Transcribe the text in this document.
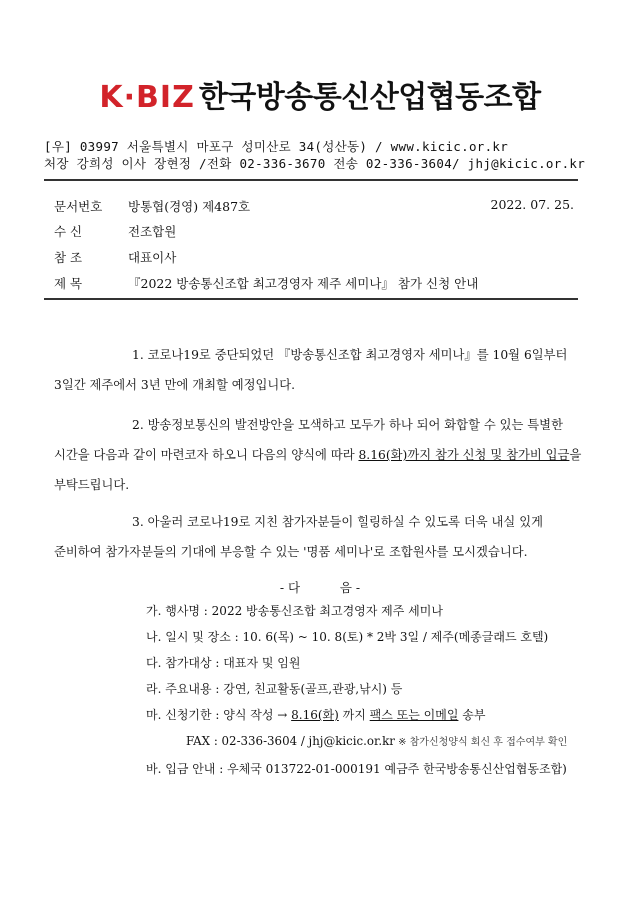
K·BIZ 한국방송통신산업협동조합
[우] 03997 서울특별시 마포구 성미산로 34(성산동) / www.kicic.or.kr
처장 강희성 이사 장현정 /전화 02-336-3670 전송 02-336-3604/ jhj@kicic.or.kr
문서번호 방통협(경영) 제487호	2022. 07. 25.
수 신	전조합원
참 조	대표이사
제 목	『2022 방송통신조합 최고경영자 제주 세미나』 참가 신청 안내
1. 코로나19로 중단되었던 『방송통신조합 최고경영자 세미나』를 10월 6일부터
3일간 제주에서 3년 만에 개최할 예정입니다.
2. 방송정보통신의 발전방안을 모색하고 모두가 하나 되어 화합할 수 있는 특별한
시간을 다음과 같이 마련코자 하오니 다음의 양식에 따라 8.16(화)까지 참가 신청 및 참가비 입금을
부탁드립니다.
3. 아울러 코로나19로 지친 참가자분들이 힐링하실 수 있도록 더욱 내실 있게
준비하여 참가자분들의 기대에 부응할 수 있는 '명품 세미나'로 조합원사를 모시겠습니다.
- 다          음 -
가. 행사명 : 2022 방송통신조합 최고경영자 제주 세미나
나. 일시 및 장소 : 10. 6(목) ~ 10. 8(토) * 2박 3일 / 제주(메종글래드 호텔)
다. 참가대상 : 대표자 및 임원
라. 주요내용 : 강연, 친교활동(골프,관광,낚시) 등
마. 신청기한 : 양식 작성 → 8.16(화) 까지 팩스 또는 이메일 송부
FAX : 02-336-3604 / jhj@kicic.or.kr ※ 참가신청양식 회신 후 접수여부 확인
바. 입금 안내 : 우체국 013722-01-000191 예금주 한국방송통신산업협동조합)
